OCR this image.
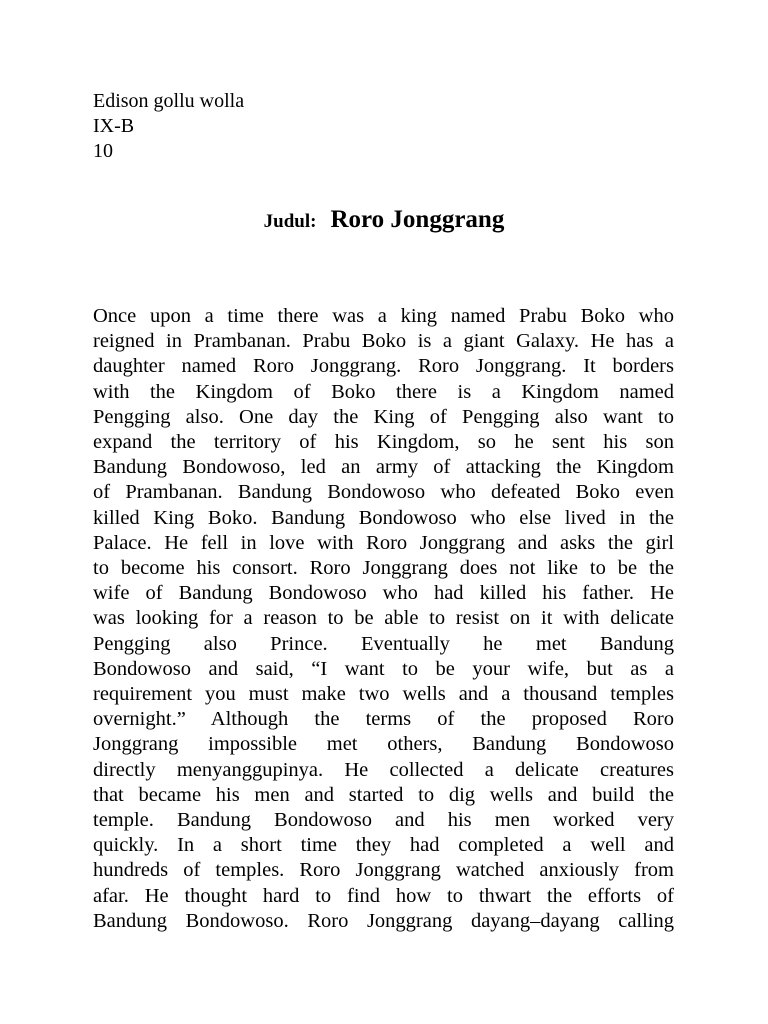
Edison gollu wolla
IX-B
10
Judul: Roro Jonggrang
Once upon a time there was a king named Prabu Boko who
reigned in Prambanan. Prabu Boko is a giant Galaxy. He has a
daughter named Roro Jonggrang. Roro Jonggrang. It borders
with the Kingdom of Boko there is a Kingdom named
Pengging also. One day the King of Pengging also want to
expand the territory of his Kingdom, so he sent his son
Bandung Bondowoso, led an army of attacking the Kingdom
of Prambanan. Bandung Bondowoso who defeated Boko even
killed King Boko. Bandung Bondowoso who else lived in the
Palace. He fell in love with Roro Jonggrang and asks the girl
to become his consort. Roro Jonggrang does not like to be the
wife of Bandung Bondowoso who had killed his father. He
was looking for a reason to be able to resist on it with delicate
Pengging also Prince. Eventually he met Bandung
Bondowoso and said, “I want to be your wife, but as a
requirement you must make two wells and a thousand temples
overnight.” Although the terms of the proposed Roro
Jonggrang impossible met others, Bandung Bondowoso
directly menyanggupinya. He collected a delicate creatures
that became his men and started to dig wells and build the
temple. Bandung Bondowoso and his men worked very
quickly. In a short time they had completed a well and
hundreds of temples. Roro Jonggrang watched anxiously from
afar. He thought hard to find how to thwart the efforts of
Bandung Bondowoso. Roro Jonggrang dayang–dayang calling
